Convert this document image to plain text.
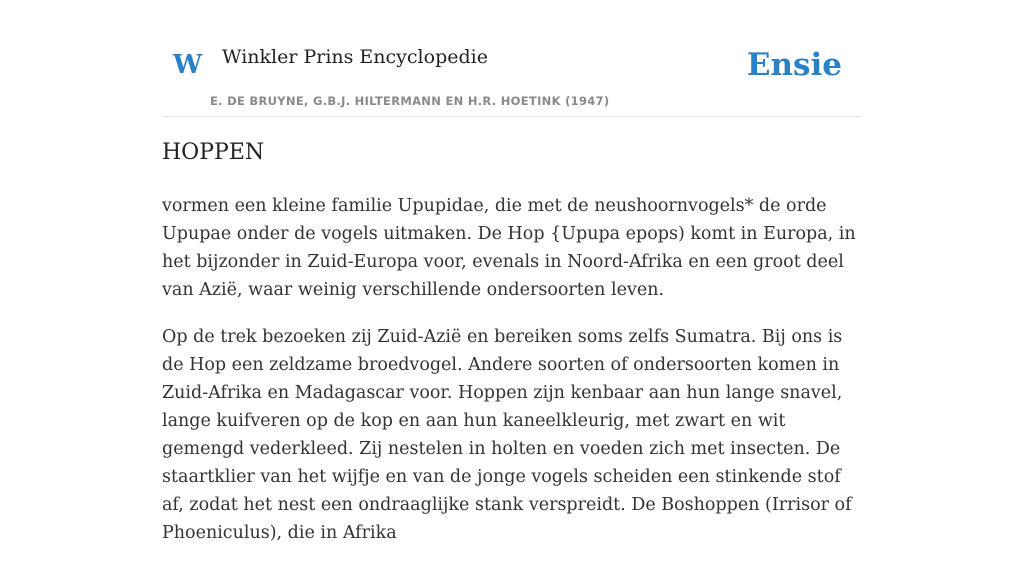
W Winkler Prins Encyclopedie
E. DE BRUYNE, G.B.J. HILTERMANN EN H.R. HOETINK (1947)
Ensie
HOPPEN

vormen een kleine familie Upupidae, die met de neushoornvogels* de orde Upupae onder de vogels uitmaken. De Hop {Upupa epops) komt in Europa, in het bijzonder in Zuid-Europa voor, evenals in Noord-Afrika en een groot deel van Azië, waar weinig verschillende ondersoorten leven.

Op de trek bezoeken zij Zuid-Azië en bereiken soms zelfs Sumatra. Bij ons is de Hop een zeldzame broedvogel. Andere soorten of ondersoorten komen in Zuid-Afrika en Madagascar voor. Hoppen zijn kenbaar aan hun lange snavel, lange kuifveren op de kop en aan hun kaneelkleurig, met zwart en wit gemengd vederkleed. Zij nestelen in holten en voeden zich met insecten. De staartklier van het wijfje en van de jonge vogels scheiden een stinkende stof af, zodat het nest een ondraaglijke stank verspreidt. De Boshoppen (Irrisor of Phoeniculus), die in Afrika
